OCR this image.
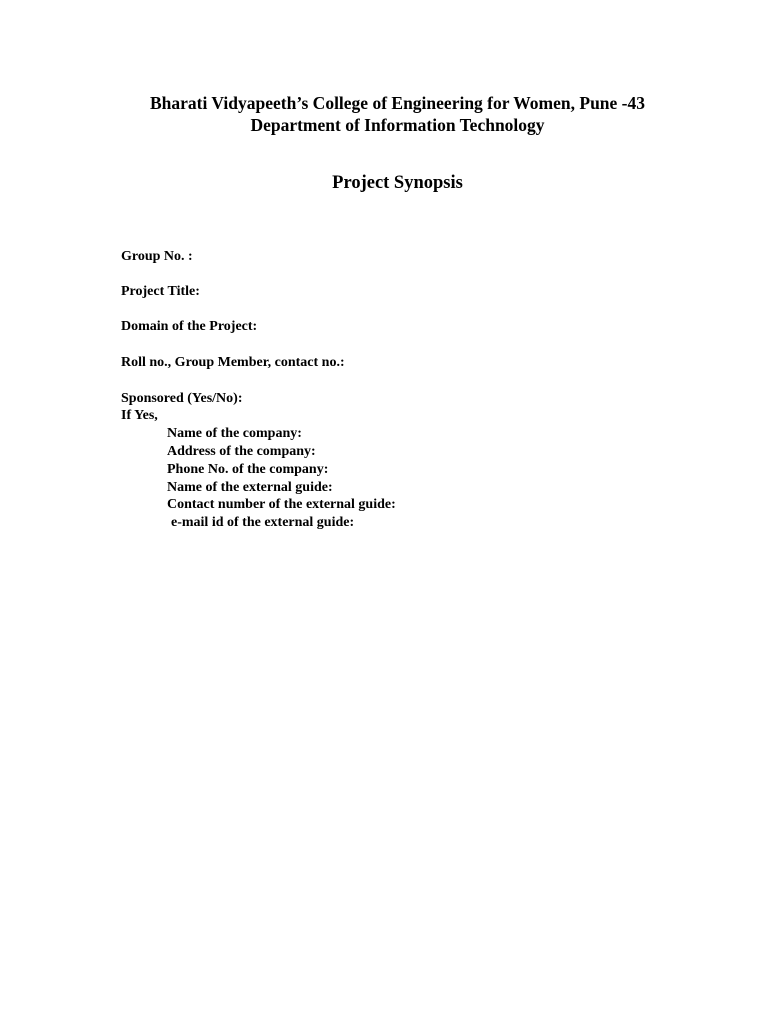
Bharati Vidyapeeth’s College of Engineering for Women, Pune -43
Department of Information Technology
Project Synopsis
Group No. :
Project Title:
Domain of the Project:
Roll no., Group Member, contact no.:
Sponsored (Yes/No):
If Yes,
Name of the company:
Address of the company:
Phone No. of the company:
Name of the external guide:
Contact number of the external guide:
e-mail id of the external guide:
